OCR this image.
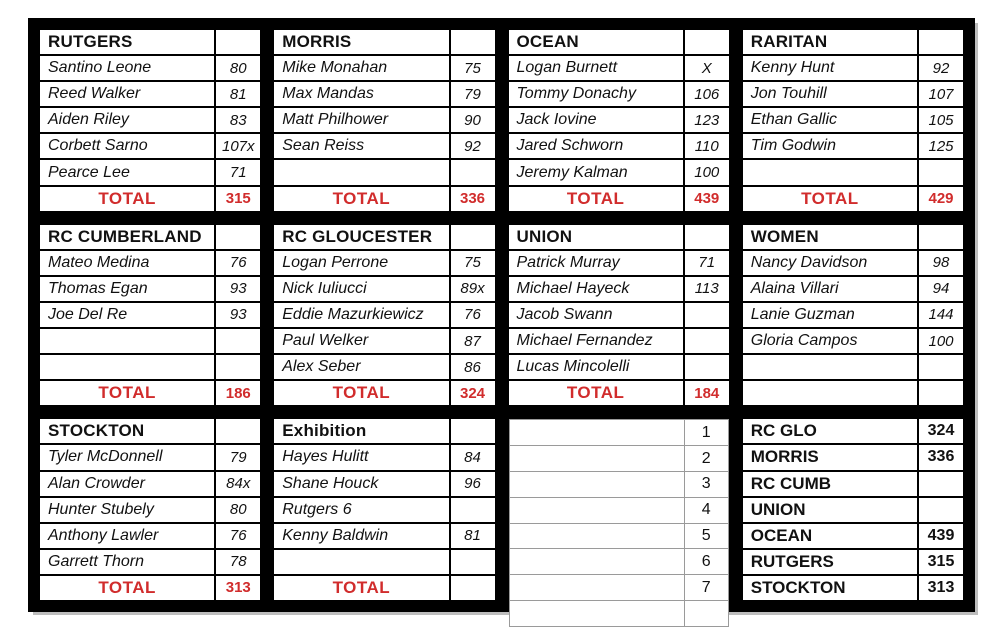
RUTGERS
Santino Leone	80
Reed Walker	81
Aiden Riley	83
Corbett Sarno	107x
Pearce Lee	71
TOTAL	315
MORRIS
Mike Monahan	75
Max Mandas	79
Matt Philhower	90
Sean Reiss	92
TOTAL	336
OCEAN
Logan Burnett	X
Tommy Donachy	106
Jack Iovine	123
Jared Schworn	110
Jeremy Kalman	100
TOTAL	439
RARITAN
Kenny Hunt	92
Jon Touhill	107
Ethan Gallic	105
Tim Godwin	125
TOTAL	429
RC CUMBERLAND
Mateo Medina	76
Thomas Egan	93
Joe Del Re	93
TOTAL	186
RC GLOUCESTER
Logan Perrone	75
Nick Iuliucci	89x
Eddie Mazurkiewicz	76
Paul Welker	87
Alex Seber	86
TOTAL	324
UNION
Patrick Murray	71
Michael Hayeck	113
Jacob Swann
Michael Fernandez
Lucas Mincolelli
TOTAL	184
WOMEN
Nancy Davidson	98
Alaina Villari	94
Lanie Guzman	144
Gloria Campos	100
STOCKTON
Tyler McDonnell	79
Alan Crowder	84x
Hunter Stubely	80
Anthony Lawler	76
Garrett Thorn	78
TOTAL	313
Exhibition
Hayes Hulitt	84
Shane Houck	96
Rutgers 6
Kenny Baldwin	81
TOTAL
1
2
3
4
5
6
7
RC GLO	324
MORRIS	336
RC CUMB
UNION
OCEAN	439
RUTGERS	315
STOCKTON	313
